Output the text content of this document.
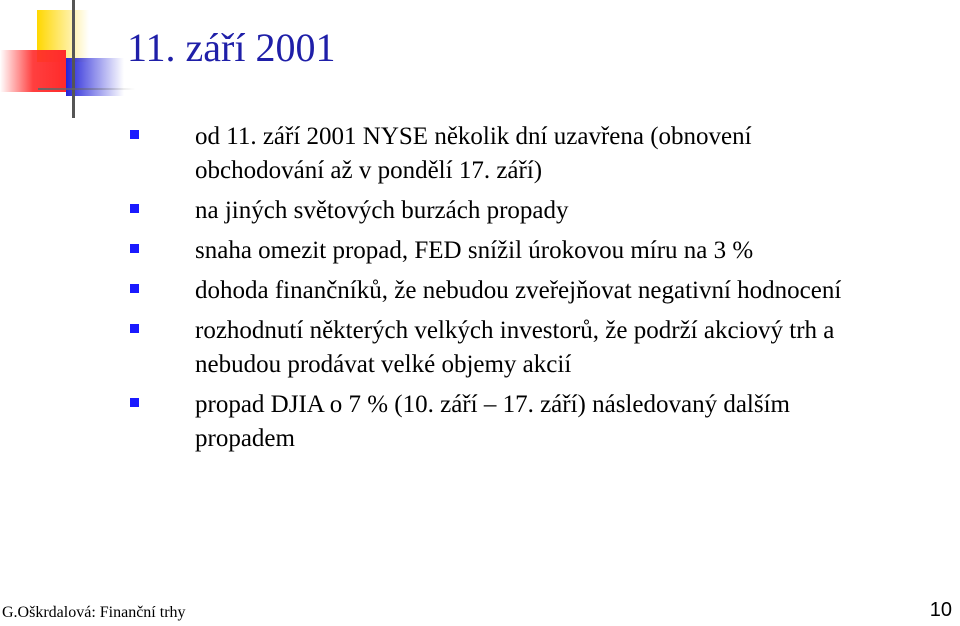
11. září 2001
od 11. září 2001 NYSE několik dní uzavřena (obnovení
obchodování až v pondělí 17. září)
na jiných světových burzách propady
snaha omezit propad, FED snížil úrokovou míru na 3 %
dohoda finančníků, že nebudou zveřejňovat negativní hodnocení
rozhodnutí některých velkých investorů, že podrží akciový trh a
nebudou prodávat velké objemy akcií
propad DJIA o 7 % (10. září – 17. září) následovaný dalším
propadem
G.Oškrdalová: Finanční trhy	10
